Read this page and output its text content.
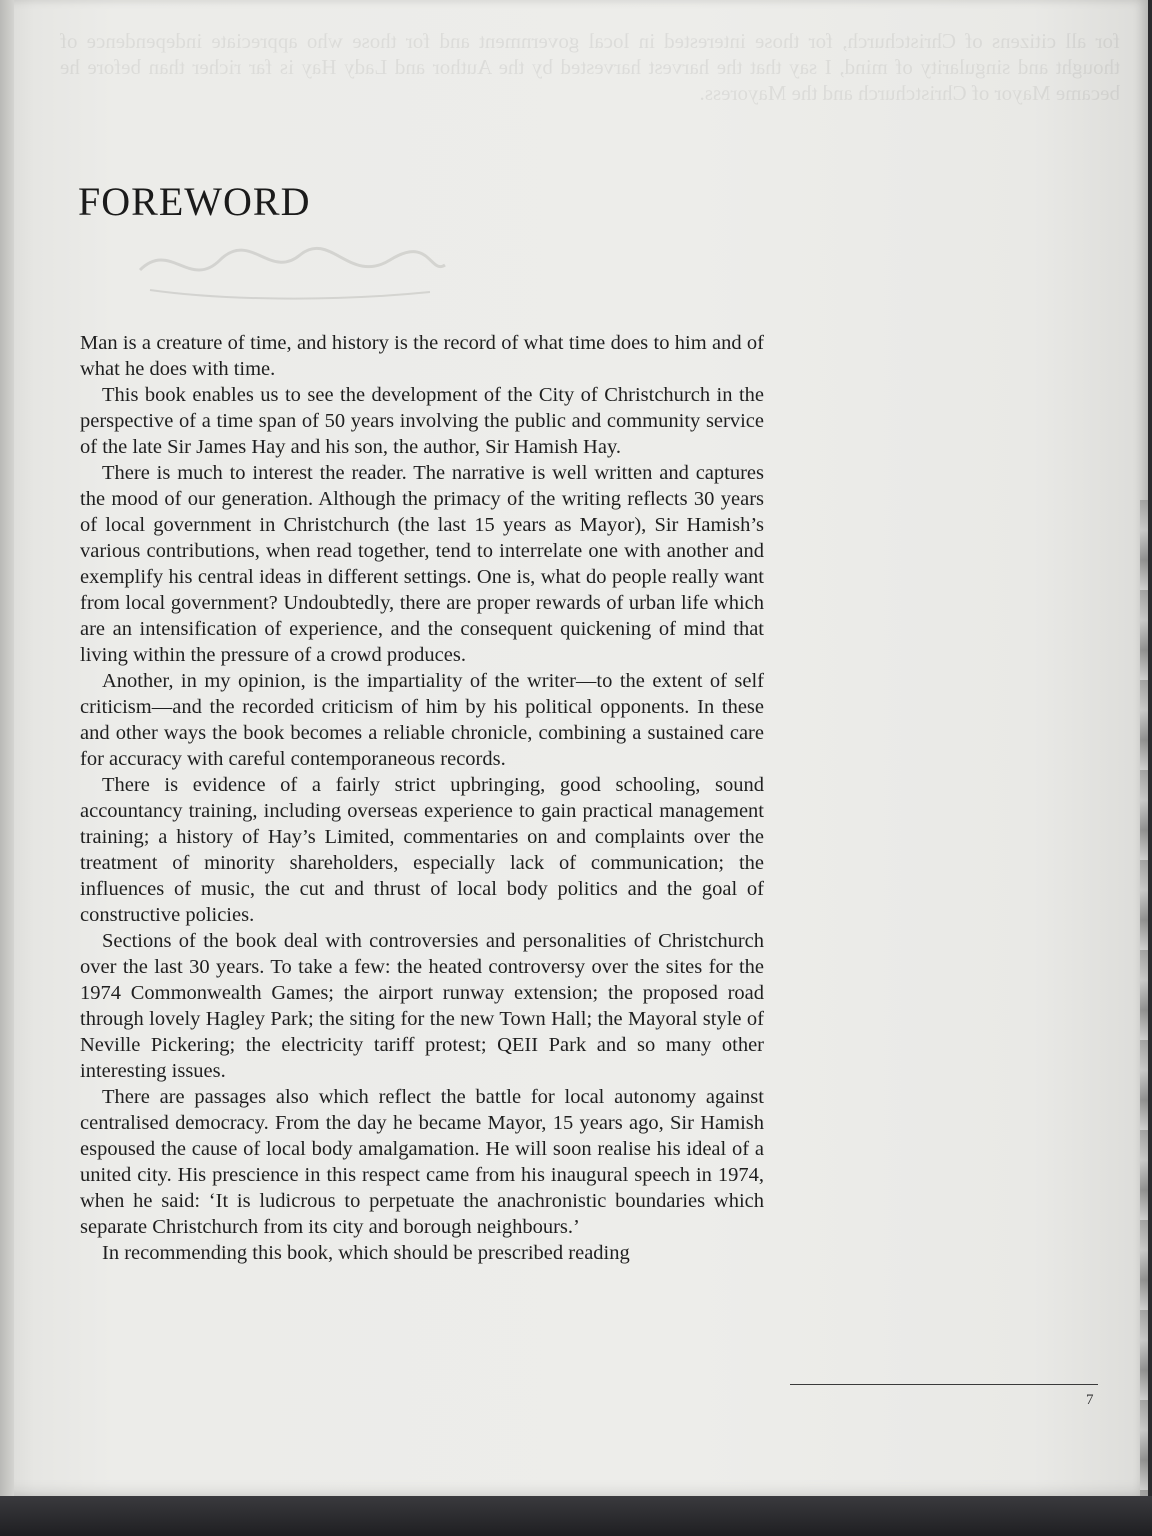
for all citizens of Christchurch, for those interested in local government and for those who appreciate independence of thought and singularity of mind, I say that the harvest harvested by the Author and Lady Hay is far richer than before he became Mayor of Christchurch and the Mayoress.
FOREWORD

Man is a creature of time, and history is the record of what time does to him and of what he does with time.

This book enables us to see the development of the City of Christchurch in the perspective of a time span of 50 years involving the public and community service of the late Sir James Hay and his son, the author, Sir Hamish Hay.

There is much to interest the reader. The narrative is well written and captures the mood of our generation. Although the primacy of the writing reflects 30 years of local government in Christchurch (the last 15 years as Mayor), Sir Hamish’s various contributions, when read together, tend to interrelate one with another and exemplify his central ideas in different settings. One is, what do people really want from local government? Undoubtedly, there are proper rewards of urban life which are an intensification of experience, and the consequent quickening of mind that living within the pressure of a crowd produces.

Another, in my opinion, is the impartiality of the writer—to the extent of self criticism—and the recorded criticism of him by his political opponents. In these and other ways the book becomes a reliable chronicle, combining a sustained care for accuracy with careful contemporaneous records.

There is evidence of a fairly strict upbringing, good schooling, sound accountancy training, including overseas experience to gain practical management training; a history of Hay’s Limited, commentaries on and complaints over the treatment of minority shareholders, especially lack of communication; the influences of music, the cut and thrust of local body politics and the goal of constructive policies.

Sections of the book deal with controversies and personalities of Christchurch over the last 30 years. To take a few: the heated controversy over the sites for the 1974 Commonwealth Games; the airport runway extension; the proposed road through lovely Hagley Park; the siting for the new Town Hall; the Mayoral style of Neville Pickering; the electricity tariff protest; QEII Park and so many other interesting issues.

There are passages also which reflect the battle for local autonomy against centralised democracy. From the day he became Mayor, 15 years ago, Sir Hamish espoused the cause of local body amalgamation. He will soon realise his ideal of a united city. His prescience in this respect came from his inaugural speech in 1974, when he said: ‘It is ludicrous to perpetuate the anachronistic boundaries which separate Christchurch from its city and borough neighbours.’

In recommending this book, which should be prescribed reading

7
